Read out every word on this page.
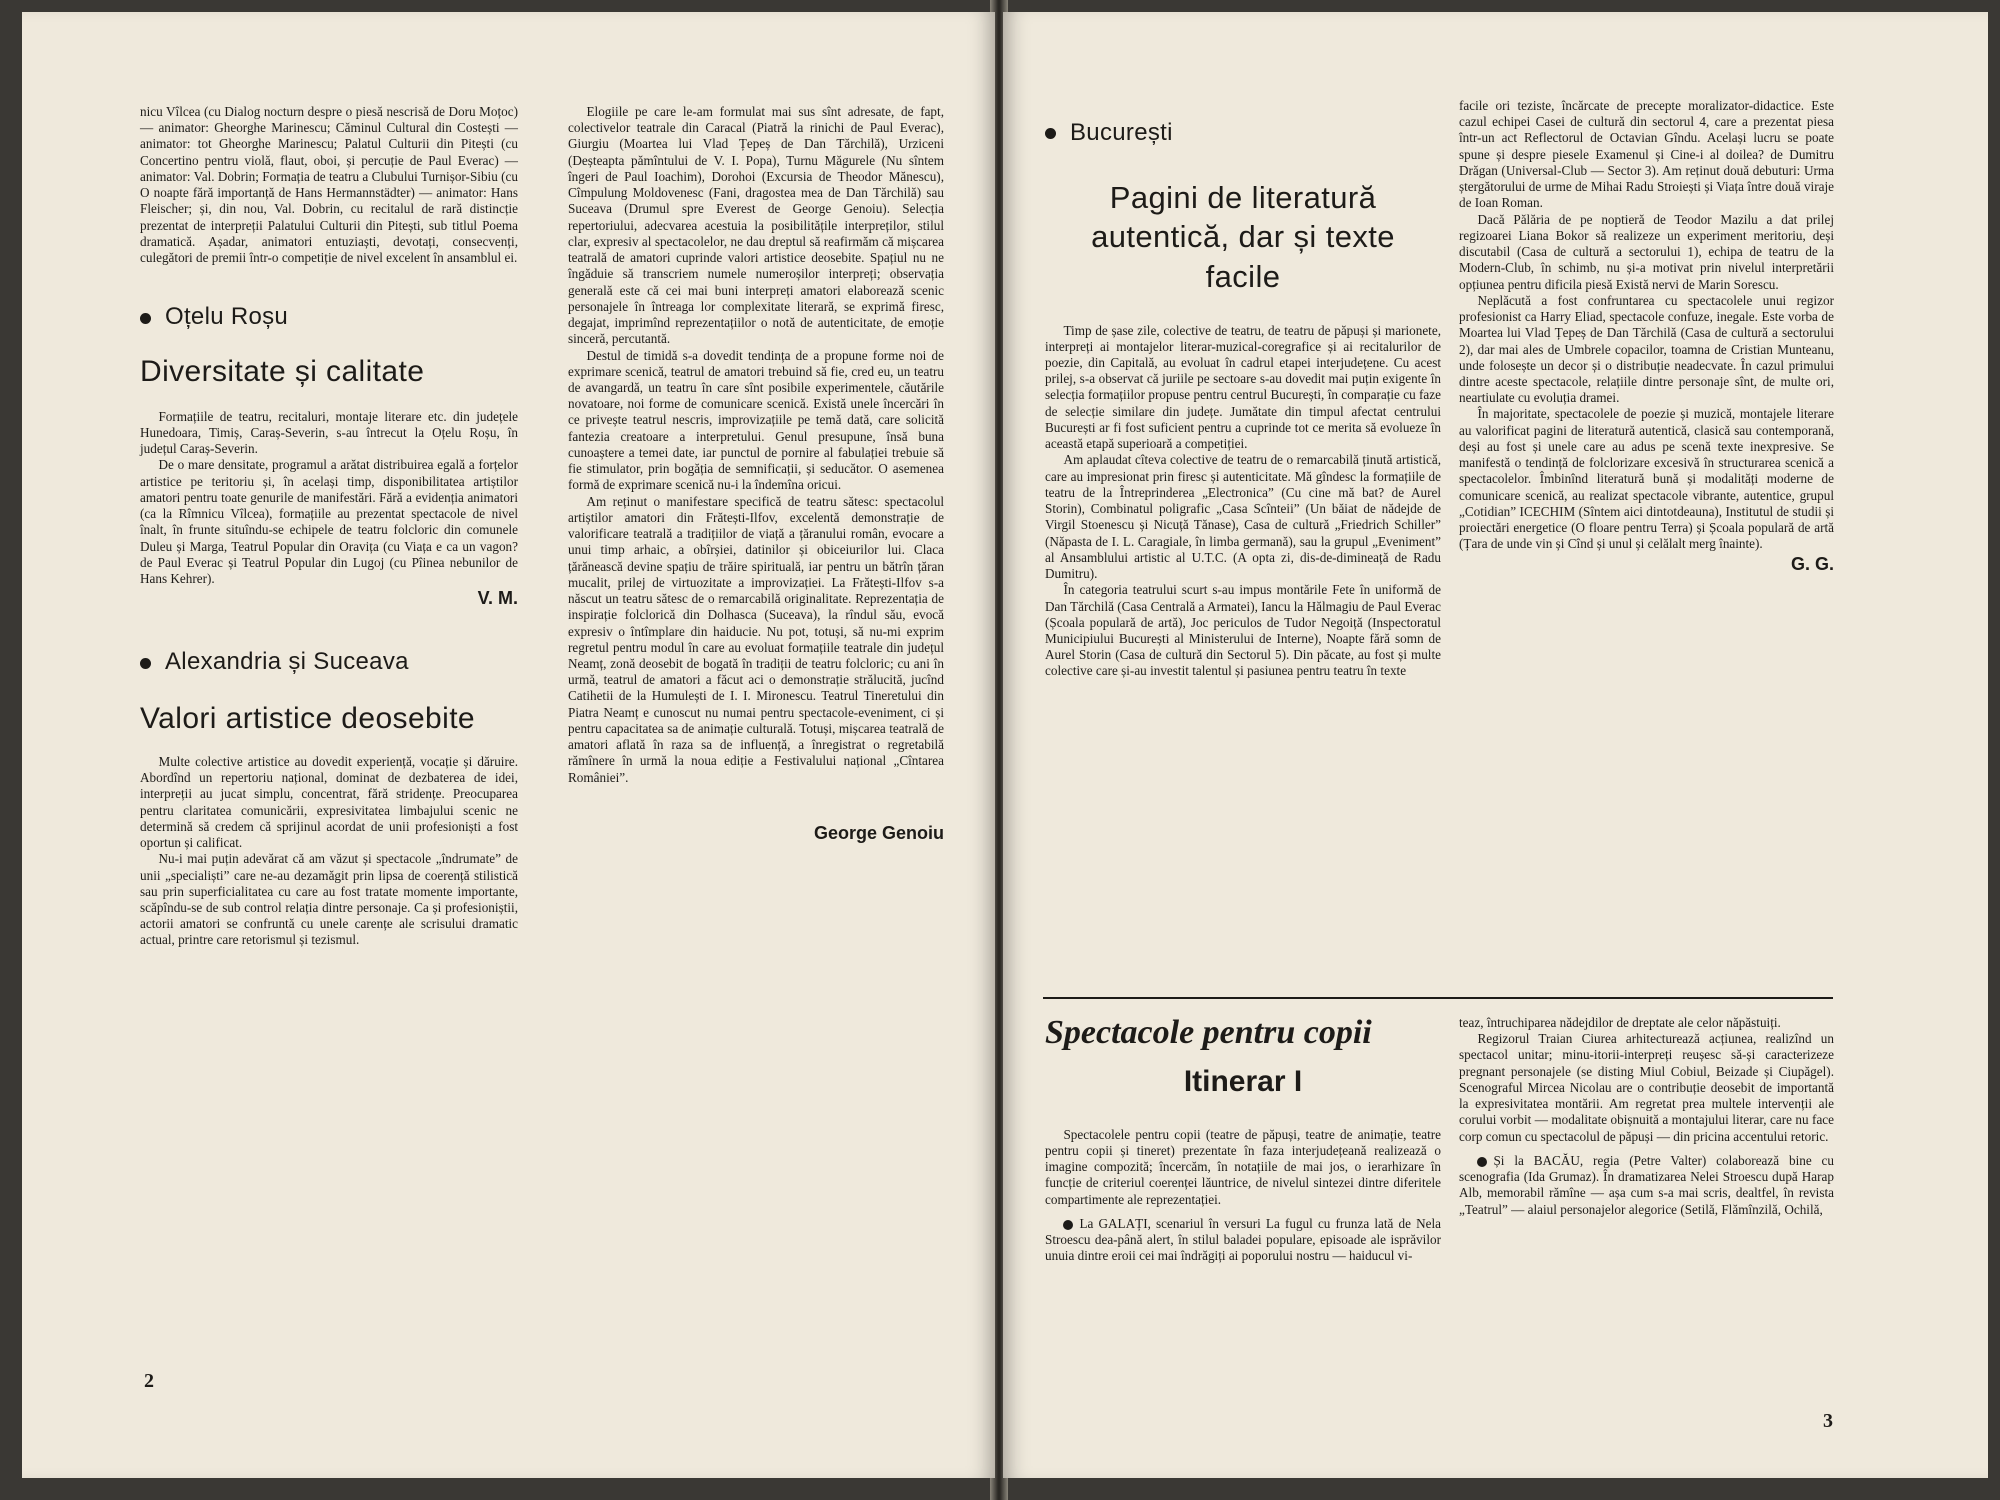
nicu Vîlcea (cu Dialog nocturn despre o piesă nescrisă de Doru Moțoc) — animator: Gheorghe Marinescu; Căminul Cultural din Costești — animator: tot Gheorghe Marinescu; Palatul Culturii din Pitești (cu Concertino pentru violă, flaut, oboi, și percuție de Paul Everac) — animator: Val. Dobrin; Formația de teatru a Clubului Turnișor-Sibiu (cu O noapte fără importanță de Hans Hermannstädter) — animator: Hans Fleischer; și, din nou, Val. Dobrin, cu recitalul de rară distincție prezentat de interpreții Palatului Culturii din Pitești, sub titlul Poema dramatică. Așadar, animatori entuziaști, devotați, consecvenți, culegători de premii într-o competiție de nivel excelent în ansamblul ei.

Oțelu Roșu
Diversitate și calitate

Formațiile de teatru, recitaluri, montaje literare etc. din județele Hunedoara, Timiș, Caraș-Severin, s-au întrecut la Oțelu Roșu, în județul Caraș-Severin.

De o mare densitate, programul a arătat distribuirea egală a forțelor artistice pe teritoriu și, în același timp, disponibilitatea artiștilor amatori pentru toate genurile de manifestări. Fără a evidenția animatori (ca la Rîmnicu Vîlcea), formațiile au prezentat spectacole de nivel înalt, în frunte situîndu-se echipele de teatru folcloric din comunele Duleu și Marga, Teatrul Popular din Oravița (cu Viața e ca un vagon? de Paul Everac și Teatrul Popular din Lugoj (cu Pîinea nebunilor de Hans Kehrer).

V. M.
Alexandria și Suceava
Valori artistice deosebite

Multe colective artistice au dovedit experiență, vocație și dăruire. Abordînd un repertoriu național, dominat de dezbaterea de idei, interpreții au jucat simplu, concentrat, fără stridențe. Preocuparea pentru claritatea comunicării, expresivitatea limbajului scenic ne determină să credem că sprijinul acordat de unii profesioniști a fost oportun și calificat.

Nu-i mai puțin adevărat că am văzut și spectacole „îndrumate” de unii „specialiști” care ne-au dezamăgit prin lipsa de coerență stilistică sau prin superficialitatea cu care au fost tratate momente importante, scăpîndu-se de sub control relația dintre personaje. Ca și profesioniștii, actorii amatori se confruntă cu unele carențe ale scrisului dramatic actual, printre care retorismul și tezismul.

Elogiile pe care le-am formulat mai sus sînt adresate, de fapt, colectivelor teatrale din Caracal (Piatră la rinichi de Paul Everac), Giurgiu (Moartea lui Vlad Țepeș de Dan Tărchilă), Urziceni (Deșteapta pămîntului de V. I. Popa), Turnu Măgurele (Nu sîntem îngeri de Paul Ioachim), Dorohoi (Excursia de Theodor Mănescu), Cîmpulung Moldovenesc (Fani, dragostea mea de Dan Tărchilă) sau Suceava (Drumul spre Everest de George Genoiu). Selecția repertoriului, adecvarea acestuia la posibilitățile interpreților, stilul clar, expresiv al spectacolelor, ne dau dreptul să reafirmăm că mișcarea teatrală de amatori cuprinde valori artistice deosebite. Spațiul nu ne îngăduie să transcriem numele numeroșilor interpreți; observația generală este că cei mai buni interpreți amatori elaborează scenic personajele în întreaga lor complexitate literară, se exprimă firesc, degajat, imprimînd reprezentațiilor o notă de autenticitate, de emoție sinceră, percutantă.

Destul de timidă s-a dovedit tendința de a propune forme noi de exprimare scenică, teatrul de amatori trebuind să fie, cred eu, un teatru de avangardă, un teatru în care sînt posibile experimentele, căutările novatoare, noi forme de comunicare scenică. Există unele încercări în ce privește teatrul nescris, improvizațiile pe temă dată, care solicită fantezia creatoare a interpretului. Genul presupune, însă buna cunoaștere a temei date, iar punctul de pornire al fabulației trebuie să fie stimulator, prin bogăția de semnificații, și seducător. O asemenea formă de exprimare scenică nu-i la îndemîna oricui.

Am reținut o manifestare specifică de teatru sătesc: spectacolul artiștilor amatori din Frătești-Ilfov, excelentă demonstrație de valorificare teatrală a tradițiilor de viață a țăranului român, evocare a unui timp arhaic, a obîrșiei, datinilor și obiceiurilor lui. Claca țărănească devine spațiu de trăire spirituală, iar pentru un bătrîn țăran mucalit, prilej de virtuozitate a improvizației. La Frătești-Ilfov s-a născut un teatru sătesc de o remarcabilă originalitate. Reprezentația de inspirație folclorică din Dolhasca (Suceava), la rîndul său, evocă expresiv o întîmplare din haiducie. Nu pot, totuși, să nu-mi exprim regretul pentru modul în care au evoluat formațiile teatrale din județul Neamț, zonă deosebit de bogată în tradiții de teatru folcloric; cu ani în urmă, teatrul de amatori a făcut aci o demonstrație strălucită, jucînd Catihetii de la Humulești de I. I. Mironescu. Teatrul Tineretului din Piatra Neamț e cunoscut nu numai pentru spectacole-eveniment, ci și pentru capacitatea sa de animație culturală. Totuși, mișcarea teatrală de amatori aflată în raza sa de influență, a înregistrat o regretabilă rămînere în urmă la noua ediție a Festivalului național „Cîntarea României”.

George Genoiu
2
București
Pagini de literatură autentică, dar și texte facile

Timp de șase zile, colective de teatru, de teatru de păpuși și marionete, interpreți ai montajelor literar-muzical-coregrafice și ai recitalurilor de poezie, din Capitală, au evoluat în cadrul etapei interjudețene. Cu acest prilej, s-a observat că juriile pe sectoare s-au dovedit mai puțin exigente în selecția formațiilor propuse pentru centrul București, în comparație cu faze de selecție similare din județe. Jumătate din timpul afectat centrului București ar fi fost suficient pentru a cuprinde tot ce merita să evolueze în această etapă superioară a competiției.

Am aplaudat cîteva colective de teatru de o remarcabilă ținută artistică, care au impresionat prin firesc și autenticitate. Mă gîndesc la formațiile de teatru de la Întreprinderea „Electronica” (Cu cine mă bat? de Aurel Storin), Combinatul poligrafic „Casa Scînteii” (Un băiat de nădejde de Virgil Stoenescu și Nicuță Tănase), Casa de cultură „Friedrich Schiller” (Năpasta de I. L. Caragiale, în limba germană), sau la grupul „Eveniment” al Ansamblului artistic al U.T.C. (A opta zi, dis-de-dimineață de Radu Dumitru).

În categoria teatrului scurt s-au impus montările Fete în uniformă de Dan Tărchilă (Casa Centrală a Armatei), Iancu la Hălmagiu de Paul Everac (Școala populară de artă), Joc periculos de Tudor Negoiță (Inspectoratul Municipiului București al Ministerului de Interne), Noapte fără somn de Aurel Storin (Casa de cultură din Sectorul 5). Din păcate, au fost și multe colective care și-au investit talentul și pasiunea pentru teatru în texte

facile ori teziste, încărcate de precepte moralizator-didactice. Este cazul echipei Casei de cultură din sectorul 4, care a prezentat piesa într-un act Reflectorul de Octavian Gîndu. Același lucru se poate spune și despre piesele Examenul și Cine-i al doilea? de Dumitru Drăgan (Universal-Club — Sector 3). Am reținut două debuturi: Urma ștergătorului de urme de Mihai Radu Stroiești și Viața între două viraje de Ioan Roman.

Dacă Pălăria de pe noptieră de Teodor Mazilu a dat prilej regizoarei Liana Bokor să realizeze un experiment meritoriu, deși discutabil (Casa de cultură a sectorului 1), echipa de teatru de la Modern-Club, în schimb, nu și-a motivat prin nivelul interpretării opțiunea pentru dificila piesă Există nervi de Marin Sorescu.

Neplăcută a fost confruntarea cu spectacolele unui regizor profesionist ca Harry Eliad, spectacole confuze, inegale. Este vorba de Moartea lui Vlad Țepeș de Dan Tărchilă (Casa de cultură a sectorului 2), dar mai ales de Umbrele copacilor, toamna de Cristian Munteanu, unde folosește un decor și o distribuție neadecvate. În cazul primului dintre aceste spectacole, relațiile dintre personaje sînt, de multe ori, neartiulate cu evoluția dramei.

În majoritate, spectacolele de poezie și muzică, montajele literare au valorificat pagini de literatură autentică, clasică sau contemporană, deși au fost și unele care au adus pe scenă texte inexpresive. Se manifestă o tendință de folclorizare excesivă în structurarea scenică a spectacolelor. Îmbinînd literatură bună și modalități moderne de comunicare scenică, au realizat spectacole vibrante, autentice, grupul „Cotidian” ICECHIM (Sîntem aici dintotdeauna), Institutul de studii și proiectări energetice (O floare pentru Terra) și Școala populară de artă (Țara de unde vin și Cînd și unul și celălalt merg înainte).

G. G.
Spectacole pentru copii
Itinerar I

Spectacolele pentru copii (teatre de păpuși, teatre de animație, teatre pentru copii și tineret) prezentate în faza interjudețeană realizează o imagine compozită; încercăm, în notațiile de mai jos, o ierarhizare în funcție de criteriul coerenței lăuntrice, de nivelul sintezei dintre diferitele compartimente ale reprezentației.

La GALAȚI, scenariul în versuri La fugul cu frunza lată de Nela Stroescu dea-până alert, în stilul baladei populare, episoade ale isprăvilor unuia dintre eroii cei mai îndrăgiți ai poporului nostru — haiducul vi-

teaz, întruchiparea nădejdilor de dreptate ale celor năpăstuiți.

Regizorul Traian Ciurea arhitecturează acțiunea, realizînd un spectacol unitar; minu-itorii-interpreți reușesc să-și caracterizeze pregnant personajele (se disting Miul Cobiul, Beizade și Ciupăgel). Scenograful Mircea Nicolau are o contribuție deosebit de importantă la expresivitatea montării. Am regretat prea multele intervenții ale corului vorbit — modalitate obișnuită a montajului literar, care nu face corp comun cu spectacolul de păpuși — din pricina accentului retoric.

Și la BACĂU, regia (Petre Valter) colaborează bine cu scenografia (Ida Grumaz). În dramatizarea Nelei Stroescu după Harap Alb, memorabil rămîne — așa cum s-a mai scris, dealtfel, în revista „Teatrul” — alaiul personajelor alegorice (Setilă, Flămînzilă, Ochilă,

3
